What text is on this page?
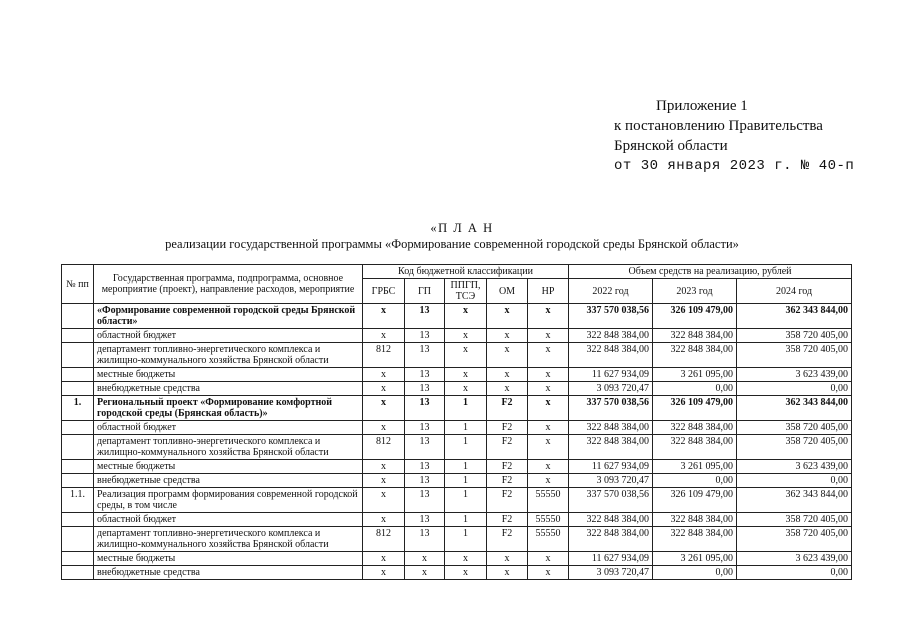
Приложение 1
к постановлению Правительства
Брянской области
от 30 января 2023 г. № 40-п
«П Л А Н
реализации государственной программы «Формирование современной городской среды Брянской области»
№ пп	Государственная программа, подпрограмма, основное мероприятие (проект), направление расходов, мероприятие	Код бюджетной классификации					Объем средств на реализацию, рублей		
		ГРБС	ГП	ППГП, ТСЭ	ОМ	НР	2022 год	2023 год	2024 год
	«Формирование современной городской среды Брянской области»	х	13	х	х	х	337 570 038,56	326 109 479,00	362 343 844,00
	областной бюджет	х	13	х	х	х	322 848 384,00	322 848 384,00	358 720 405,00
	департамент топливно-энергетического комплекса и жилищно-коммунального хозяйства Брянской области	812	13	х	х	х	322 848 384,00	322 848 384,00	358 720 405,00
	местные бюджеты	х	13	х	х	х	11 627 934,09	3 261 095,00	3 623 439,00
	внебюджетные средства	х	13	х	х	х	3 093 720,47	0,00	0,00
1.	Региональный проект «Формирование комфортной городской среды (Брянская область)»	х	13	1	F2	х	337 570 038,56	326 109 479,00	362 343 844,00
	областной бюджет	х	13	1	F2	х	322 848 384,00	322 848 384,00	358 720 405,00
	департамент топливно-энергетического комплекса и жилищно-коммунального хозяйства Брянской области	812	13	1	F2	х	322 848 384,00	322 848 384,00	358 720 405,00
	местные бюджеты	х	13	1	F2	х	11 627 934,09	3 261 095,00	3 623 439,00
	внебюджетные средства	х	13	1	F2	х	3 093 720,47	0,00	0,00
1.1.	Реализация программ формирования современной городской среды, в том числе	х	13	1	F2	55550	337 570 038,56	326 109 479,00	362 343 844,00
	областной бюджет	х	13	1	F2	55550	322 848 384,00	322 848 384,00	358 720 405,00
	департамент топливно-энергетического комплекса и жилищно-коммунального хозяйства Брянской области	812	13	1	F2	55550	322 848 384,00	322 848 384,00	358 720 405,00
	местные бюджеты	х	х	х	х	х	11 627 934,09	3 261 095,00	3 623 439,00
	внебюджетные средства	х	х	х	х	х	3 093 720,47	0,00	0,00
